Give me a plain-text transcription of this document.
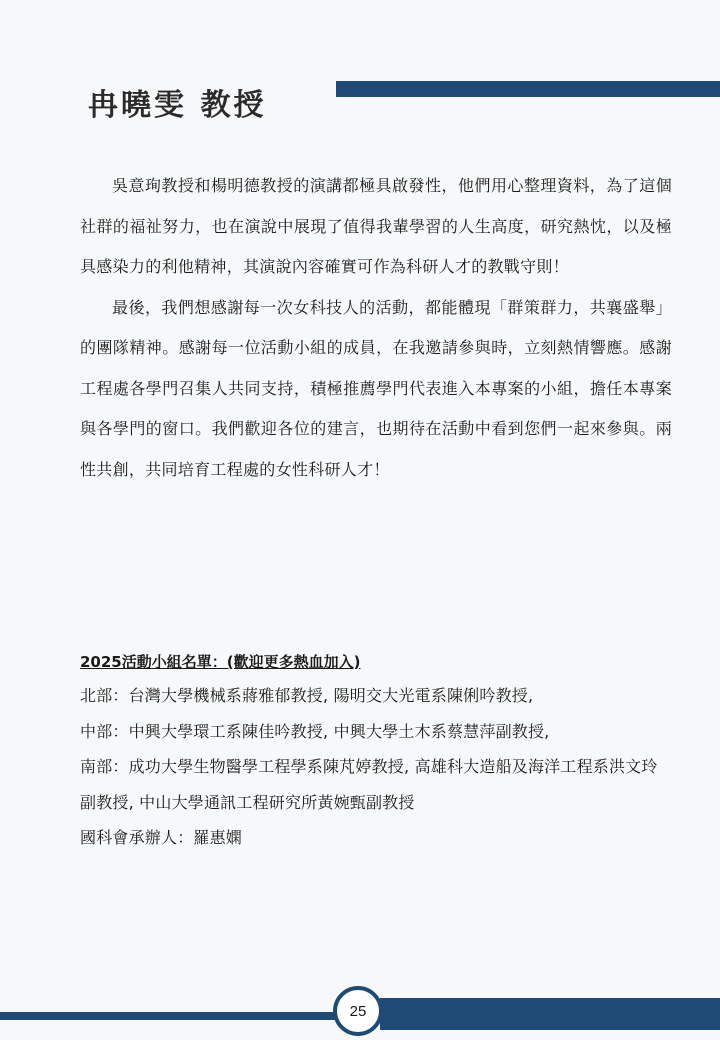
冉曉雯 教授

吳意珣教授和楊明德教授的演講都極具啟發性，他們用心整理資料，為了這個社群的福祉努力，也在演說中展現了值得我輩學習的人生高度，研究熱忱，以及極具感染力的利他精神，其演說內容確實可作為科研人才的教戰守則！

最後，我們想感謝每一次女科技人的活動，都能體現「群策群力，共襄盛舉」的團隊精神。感謝每一位活動小組的成員，在我邀請參與時，立刻熱情響應。感謝工程處各學門召集人共同支持，積極推薦學門代表進入本專案的小組，擔任本專案與各學門的窗口。我們歡迎各位的建言，也期待在活動中看到您們一起來參與。兩性共創，共同培育工程處的女性科研人才！

2025活動小組名單：(歡迎更多熱血加入)

北部：台灣大學機械系蔣雅郁教授, 陽明交大光電系陳俐吟教授,

中部：中興大學環工系陳佳吟教授, 中興大學土木系蔡慧萍副教授,

南部：成功大學生物醫學工程學系陳芃婷教授, 高雄科大造船及海洋工程系洪文玲副教授, 中山大學通訊工程研究所黃婉甄副教授

國科會承辦人：羅惠嫻

25
